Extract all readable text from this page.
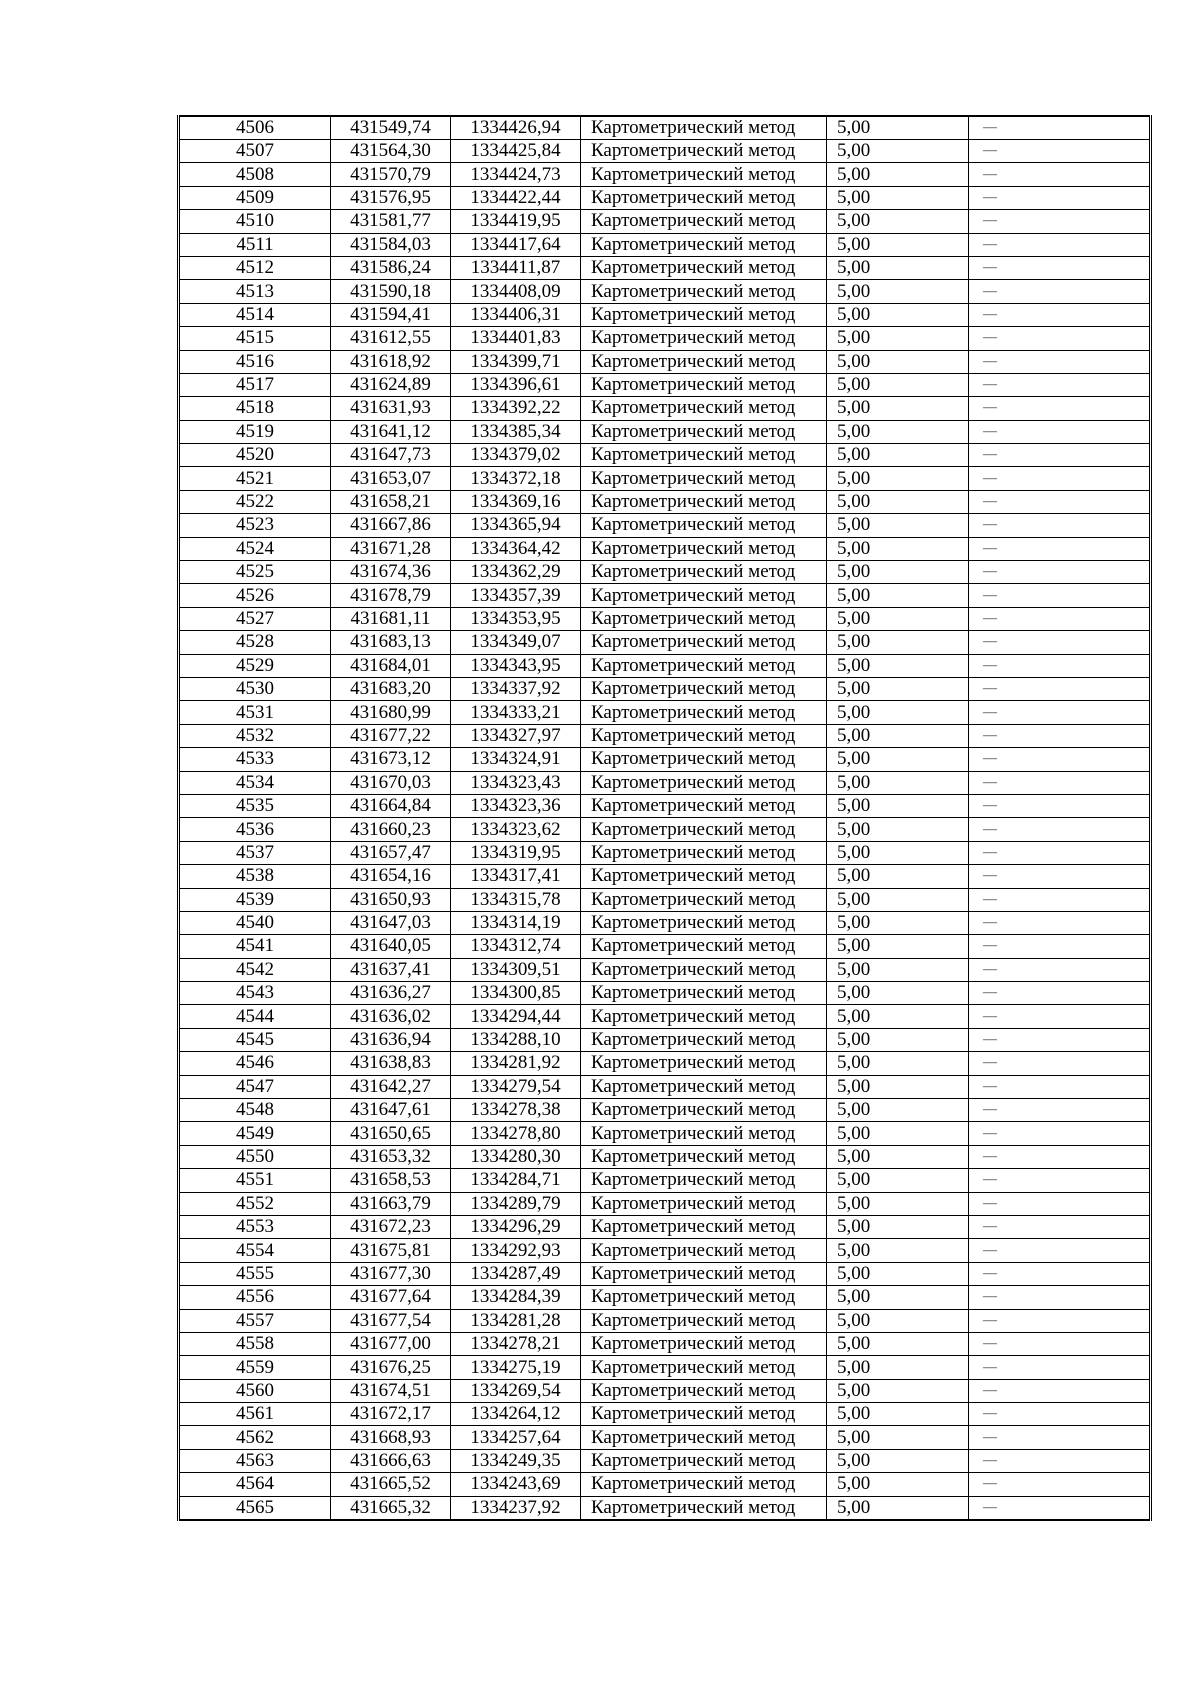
4506	431549,74	1334426,94	Картометрический метод	5,00	—
4507	431564,30	1334425,84	Картометрический метод	5,00	—
4508	431570,79	1334424,73	Картометрический метод	5,00	—
4509	431576,95	1334422,44	Картометрический метод	5,00	—
4510	431581,77	1334419,95	Картометрический метод	5,00	—
4511	431584,03	1334417,64	Картометрический метод	5,00	—
4512	431586,24	1334411,87	Картометрический метод	5,00	—
4513	431590,18	1334408,09	Картометрический метод	5,00	—
4514	431594,41	1334406,31	Картометрический метод	5,00	—
4515	431612,55	1334401,83	Картометрический метод	5,00	—
4516	431618,92	1334399,71	Картометрический метод	5,00	—
4517	431624,89	1334396,61	Картометрический метод	5,00	—
4518	431631,93	1334392,22	Картометрический метод	5,00	—
4519	431641,12	1334385,34	Картометрический метод	5,00	—
4520	431647,73	1334379,02	Картометрический метод	5,00	—
4521	431653,07	1334372,18	Картометрический метод	5,00	—
4522	431658,21	1334369,16	Картометрический метод	5,00	—
4523	431667,86	1334365,94	Картометрический метод	5,00	—
4524	431671,28	1334364,42	Картометрический метод	5,00	—
4525	431674,36	1334362,29	Картометрический метод	5,00	—
4526	431678,79	1334357,39	Картометрический метод	5,00	—
4527	431681,11	1334353,95	Картометрический метод	5,00	—
4528	431683,13	1334349,07	Картометрический метод	5,00	—
4529	431684,01	1334343,95	Картометрический метод	5,00	—
4530	431683,20	1334337,92	Картометрический метод	5,00	—
4531	431680,99	1334333,21	Картометрический метод	5,00	—
4532	431677,22	1334327,97	Картометрический метод	5,00	—
4533	431673,12	1334324,91	Картометрический метод	5,00	—
4534	431670,03	1334323,43	Картометрический метод	5,00	—
4535	431664,84	1334323,36	Картометрический метод	5,00	—
4536	431660,23	1334323,62	Картометрический метод	5,00	—
4537	431657,47	1334319,95	Картометрический метод	5,00	—
4538	431654,16	1334317,41	Картометрический метод	5,00	—
4539	431650,93	1334315,78	Картометрический метод	5,00	—
4540	431647,03	1334314,19	Картометрический метод	5,00	—
4541	431640,05	1334312,74	Картометрический метод	5,00	—
4542	431637,41	1334309,51	Картометрический метод	5,00	—
4543	431636,27	1334300,85	Картометрический метод	5,00	—
4544	431636,02	1334294,44	Картометрический метод	5,00	—
4545	431636,94	1334288,10	Картометрический метод	5,00	—
4546	431638,83	1334281,92	Картометрический метод	5,00	—
4547	431642,27	1334279,54	Картометрический метод	5,00	—
4548	431647,61	1334278,38	Картометрический метод	5,00	—
4549	431650,65	1334278,80	Картометрический метод	5,00	—
4550	431653,32	1334280,30	Картометрический метод	5,00	—
4551	431658,53	1334284,71	Картометрический метод	5,00	—
4552	431663,79	1334289,79	Картометрический метод	5,00	—
4553	431672,23	1334296,29	Картометрический метод	5,00	—
4554	431675,81	1334292,93	Картометрический метод	5,00	—
4555	431677,30	1334287,49	Картометрический метод	5,00	—
4556	431677,64	1334284,39	Картометрический метод	5,00	—
4557	431677,54	1334281,28	Картометрический метод	5,00	—
4558	431677,00	1334278,21	Картометрический метод	5,00	—
4559	431676,25	1334275,19	Картометрический метод	5,00	—
4560	431674,51	1334269,54	Картометрический метод	5,00	—
4561	431672,17	1334264,12	Картометрический метод	5,00	—
4562	431668,93	1334257,64	Картометрический метод	5,00	—
4563	431666,63	1334249,35	Картометрический метод	5,00	—
4564	431665,52	1334243,69	Картометрический метод	5,00	—
4565	431665,32	1334237,92	Картометрический метод	5,00	—
